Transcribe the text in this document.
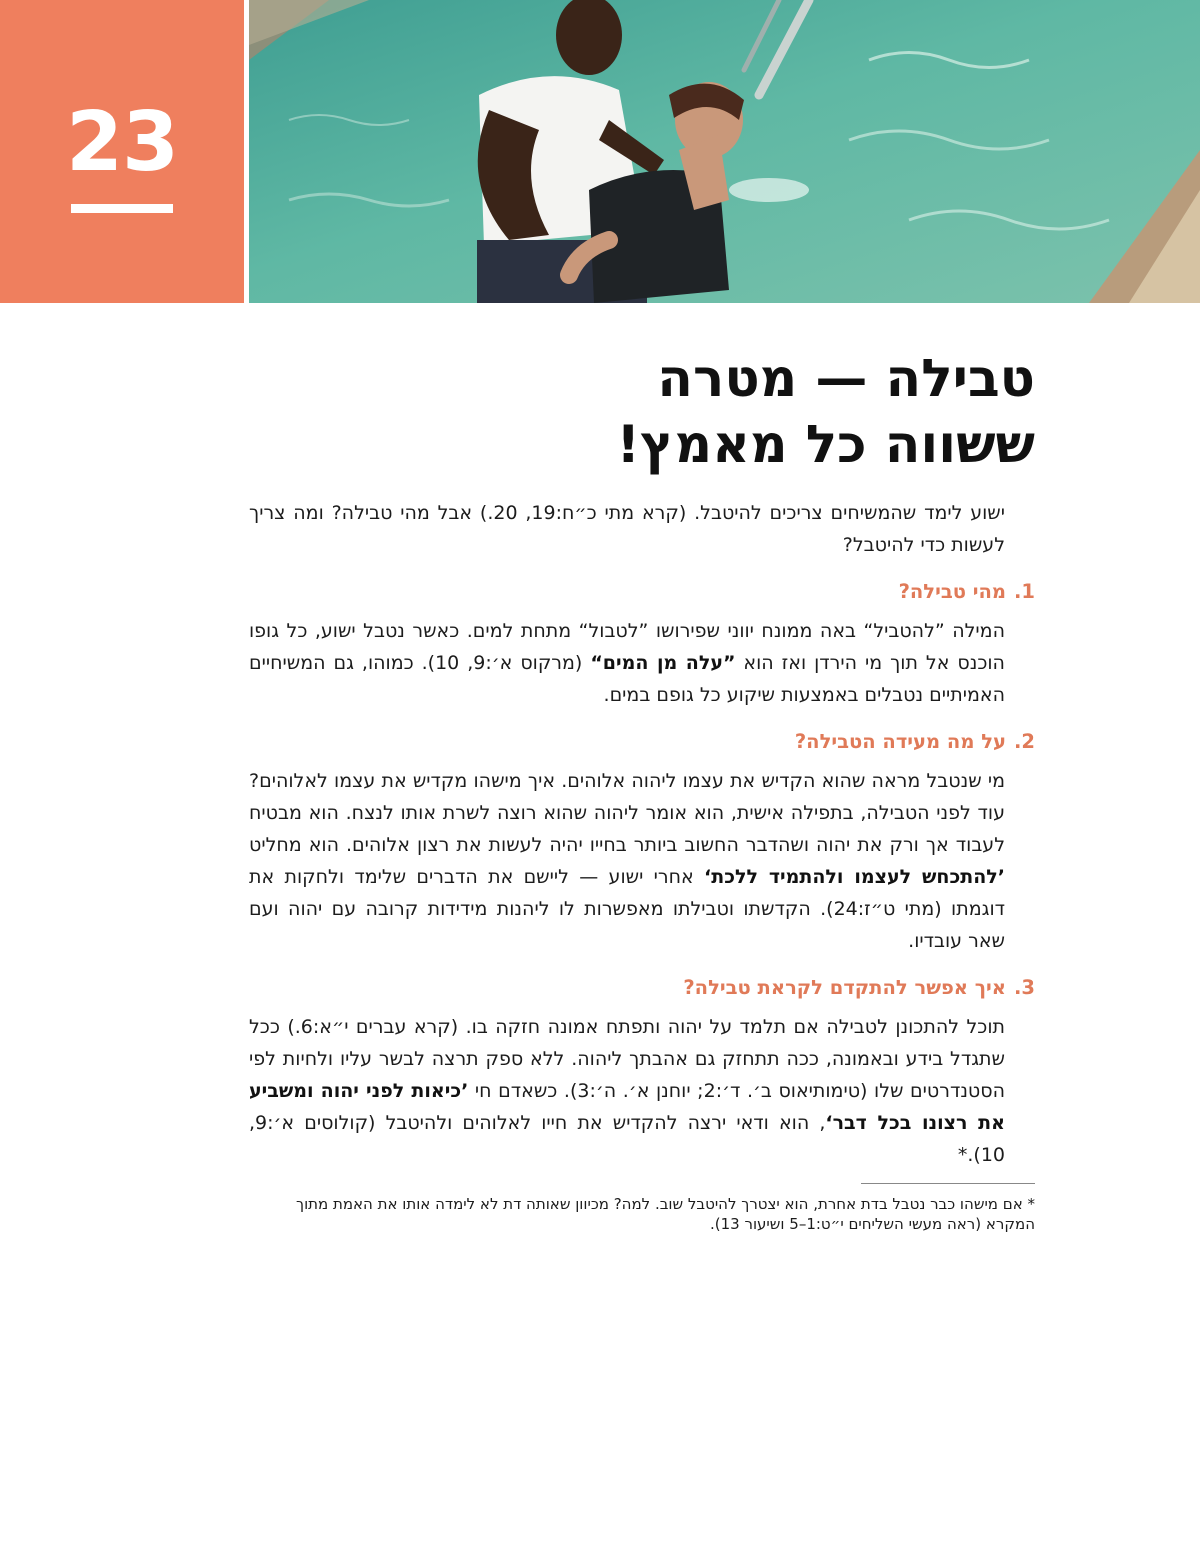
23
טבילה — מטרה
ששווה כל מאמץ!

ישוע לימד שהמשיחים צריכים להיטבל. (קרא מתי כ״ח:19, 20.) אבל מהי טבילה? ומה צריך לעשות כדי להיטבל?

1.מהי טבילה?

המילה ”להטביל“ באה ממונח יווני שפירושו ”לטבול“ מתחת למים. כאשר נטבל ישוע, כל גופו הוכנס אל תוך מי הירדן ואז הוא ”עלה מן המים“ (מרקוס א׳:9, 10). כמוהו, גם המשיחיים האמיתיים נטבלים באמצעות שיקוע כל גופם במים.

2.על מה מעידה הטבילה?

מי שנטבל מראה שהוא הקדיש את עצמו ליהוה אלוהים. איך מישהו מקדיש את עצמו לאלוהים? עוד לפני הטבילה, בתפילה אישית, הוא אומר ליהוה שהוא רוצה לשרת אותו לנצח. הוא מבטיח לעבוד אך ורק את יהוה ושהדבר החשוב ביותר בחייו יהיה לעשות את רצון אלוהים. הוא מחליט ’להתכחש לעצמו ולהתמיד ללכת‘ אחרי ישוע — ליישם את הדברים שלימד ולחקות את דוגמתו (מתי ט״ז:24). הקדשתו וטבילתו מאפשרות לו ליהנות מידידות קרובה עם יהוה ועם שאר עובדיו.

3.איך אפשר להתקדם לקראת טבילה?

תוכל להתכונן לטבילה אם תלמד על יהוה ותפתח אמונה חזקה בו. (קרא עברים י״א:6.) ככל שתגדל בידע ובאמונה, ככה תתחזק גם אהבתך ליהוה. ללא ספק תרצה לבשר עליו ולחיות לפי הסטנדרטים שלו (טימותיאוס ב׳. ד׳:2; יוחנן א׳. ה׳:3). כשאדם חי ’כיאות לפני יהוה ומשביע את רצונו בכל דבר‘, הוא ודאי ירצה להקדיש את חייו לאלוהים ולהיטבל (קולוסים א׳:9, 10).*

* אם מישהו כבר נטבל בדת אחרת, הוא יצטרך להיטבל שוב. למה? מכיוון שאותה דת לא לימדה אותו את האמת מתוך המקרא (ראה מעשי השליחים י״ט:1–5 ושיעור 13).
